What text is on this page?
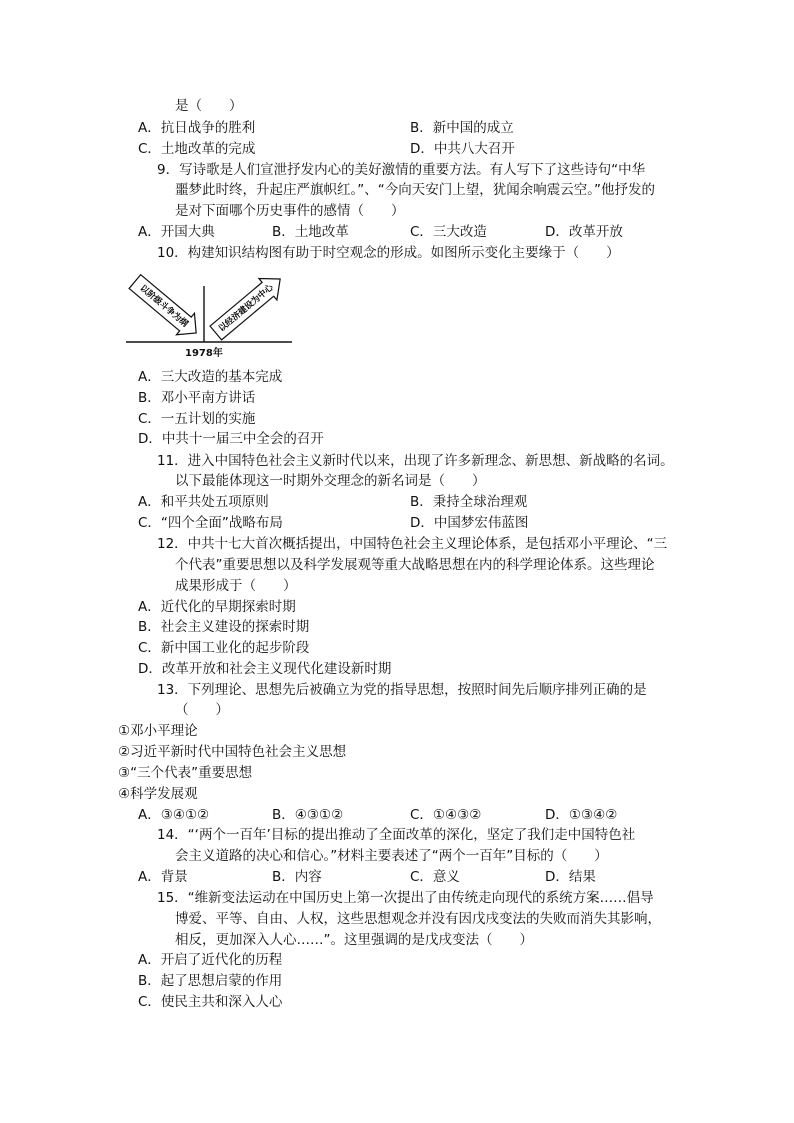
是（　　）
A．抗日战争的胜利	B．新中国的成立
C．土地改革的完成	D．中共八大召开
9．写诗歌是人们宣泄抒发内心的美好激情的重要方法。有人写下了这些诗句“中华
噩梦此时终，升起庄严旗帜红。”、“今向天安门上望，犹闻余响震云空。”他抒发的
是对下面哪个历史事件的感情（　　）
A．开国大典	B．土地改革	C．三大改造	D．改革开放
10．构建知识结构图有助于时空观念的形成。如图所示变化主要缘于（　　）
以阶级斗争为纲	以经济建设为中心
1978年
A．三大改造的基本完成
B．邓小平南方讲话
C．一五计划的实施
D．中共十一届三中全会的召开
11．进入中国特色社会主义新时代以来，出现了许多新理念、新思想、新战略的名词。
以下最能体现这一时期外交理念的新名词是（　　）
A．和平共处五项原则	B．秉持全球治理观
C．“四个全面”战略布局	D．中国梦宏伟蓝图
12．中共十七大首次概括提出，中国特色社会主义理论体系，是包括邓小平理论、“三
个代表”重要思想以及科学发展观等重大战略思想在内的科学理论体系。这些理论
成果形成于（　　）
A．近代化的早期探索时期
B．社会主义建设的探索时期
C．新中国工业化的起步阶段
D．改革开放和社会主义现代化建设新时期
13．下列理论、思想先后被确立为党的指导思想，按照时间先后顺序排列正确的是
（　　）
①邓小平理论
②习近平新时代中国特色社会主义思想
③“三个代表”重要思想
④科学发展观
A．③④①②	B．④③①②	C．①④③②	D．①③④②
14．“‘两个一百年’目标的提出推动了全面改革的深化，坚定了我们走中国特色社
会主义道路的决心和信心。”材料主要表述了“两个一百年”目标的（　　）
A．背景	B．内容	C．意义	D．结果
15．“维新变法运动在中国历史上第一次提出了由传统走向现代的系统方案……倡导
博爱、平等、自由、人权，这些思想观念并没有因戊戌变法的失败而消失其影响，
相反，更加深入人心……”。这里强调的是戊戌变法（　　）
A．开启了近代化的历程
B．起了思想启蒙的作用
C．使民主共和深入人心
